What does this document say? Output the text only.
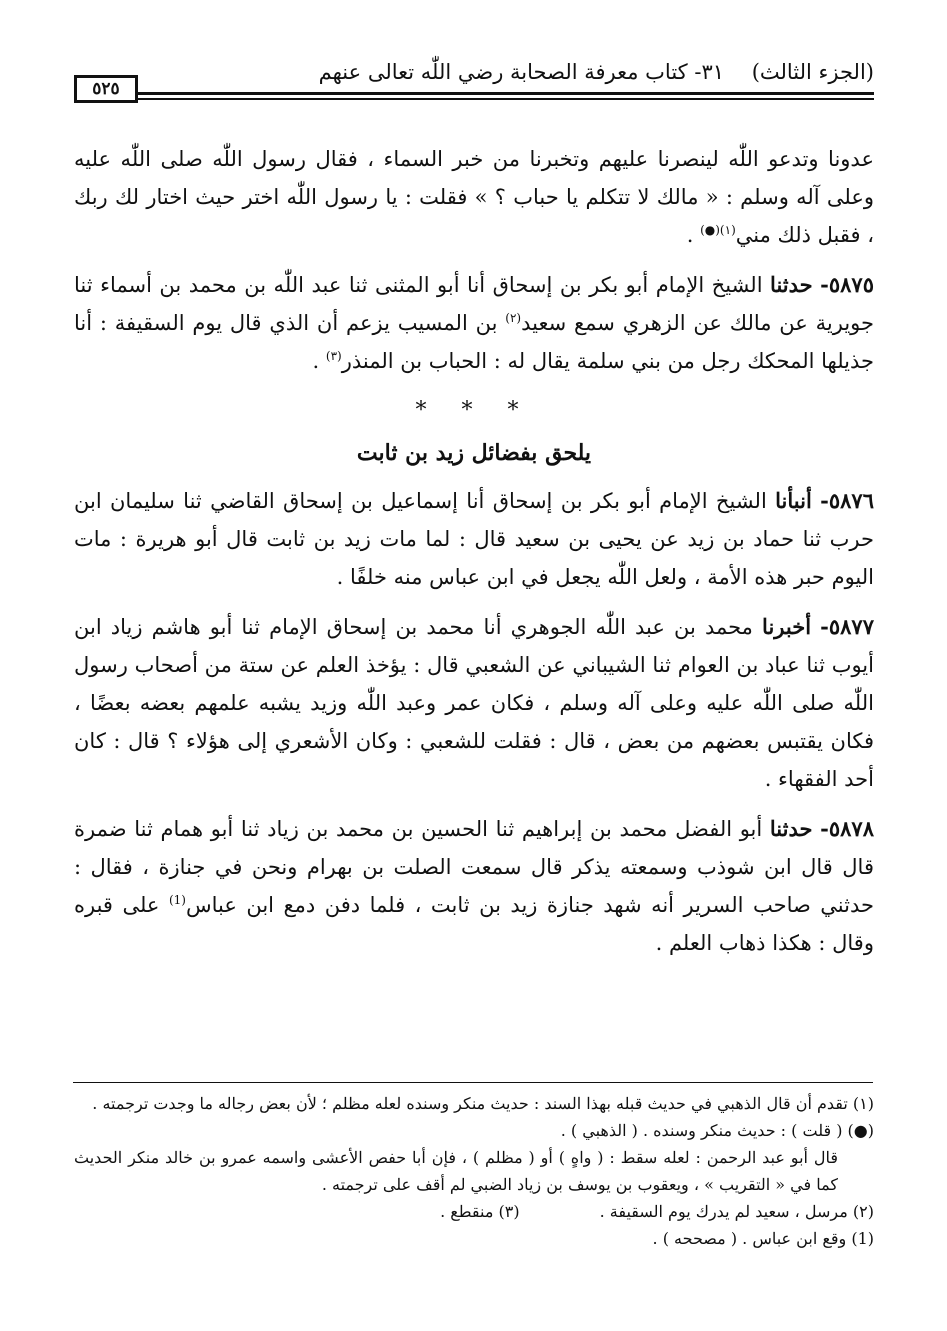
(الجزء الثالث)
٣١- كتاب معرفة الصحابة رضي اللّٰه تعالى عنهم
٥٢٥

عدونا وتدعو اللّٰه لينصرنا عليهم وتخبرنا من خبر السماء ، فقال رسول اللّٰه صلى اللّٰه عليه وعلى آله وسلم : « مالك لا تتكلم يا حباب ؟ » فقلت : يا رسول اللّٰه اختر حيث اختار لك ربك ، فقبل ذلك مني$^{(١)(●)}$ .

٥٨٧٥- حدثنا الشيخ الإمام أبو بكر بن إسحاق أنا أبو المثنى ثنا عبد اللّٰه بن محمد بن أسماء ثنا جويرية عن مالك عن الزهري سمع سعيد$^{(٢)}$ بن المسيب يزعم أن الذي قال يوم السقيفة : أنا جذيلها المحكك رجل من بني سلمة يقال له : الحباب بن المنذر$^{(٣)}$ .

* * *
يلحق بفضائل زيد بن ثابت

٥٨٧٦- أنبأنا الشيخ الإمام أبو بكر بن إسحاق أنا إسماعيل بن إسحاق القاضي ثنا سليمان ابن حرب ثنا حماد بن زيد عن يحيى بن سعيد قال : لما مات زيد بن ثابت قال أبو هريرة : مات اليوم حبر هذه الأمة ، ولعل اللّٰه يجعل في ابن عباس منه خلفًا .

٥٨٧٧- أخبرنا محمد بن عبد اللّٰه الجوهري أنا محمد بن إسحاق الإمام ثنا أبو هاشم زياد ابن أيوب ثنا عباد بن العوام ثنا الشيباني عن الشعبي قال : يؤخذ العلم عن ستة من أصحاب رسول اللّٰه صلى اللّٰه عليه وعلى آله وسلم ، فكان عمر وعبد اللّٰه وزيد يشبه علمهم بعضه بعضًا ، فكان يقتبس بعضهم من بعض ، قال : فقلت للشعبي : وكان الأشعري إلى هؤلاء ؟ قال : كان أحد الفقهاء .

٥٨٧٨- حدثنا أبو الفضل محمد بن إبراهيم ثنا الحسين بن محمد بن زياد ثنا أبو همام ثنا ضمرة قال قال ابن شوذب وسمعته يذكر قال سمعت الصلت بن بهرام ونحن في جنازة ، فقال : حدثني صاحب السرير أنه شهد جنازة زيد بن ثابت ، فلما دفن دمع ابن عباس$^{(1)}$ على قبره وقال : هكذا ذهاب العلم .

(١) تقدم أن قال الذهبي في حديث قبله بهذا السند : حديث منكر وسنده لعله مظلم ؛ لأن بعض رجاله ما وجدت ترجمته .

(●) ( قلت ) : حديث منكر وسنده . ( الذهبي ) .

قال أبو عبد الرحمن : لعله سقط : ( واهٍ ) أو ( مظلم ) ، فإن أبا حفص الأعشى واسمه عمرو بن خالد منكر الحديث كما في « التقريب » ، ويعقوب بن يوسف بن زياد الضبي لم أقف على ترجمته .

(٢) مرسل ، سعيد لم يدرك يوم السقيفة .(٣) منقطع .

(1) وقع ابن عباس . ( مصححه ) .
